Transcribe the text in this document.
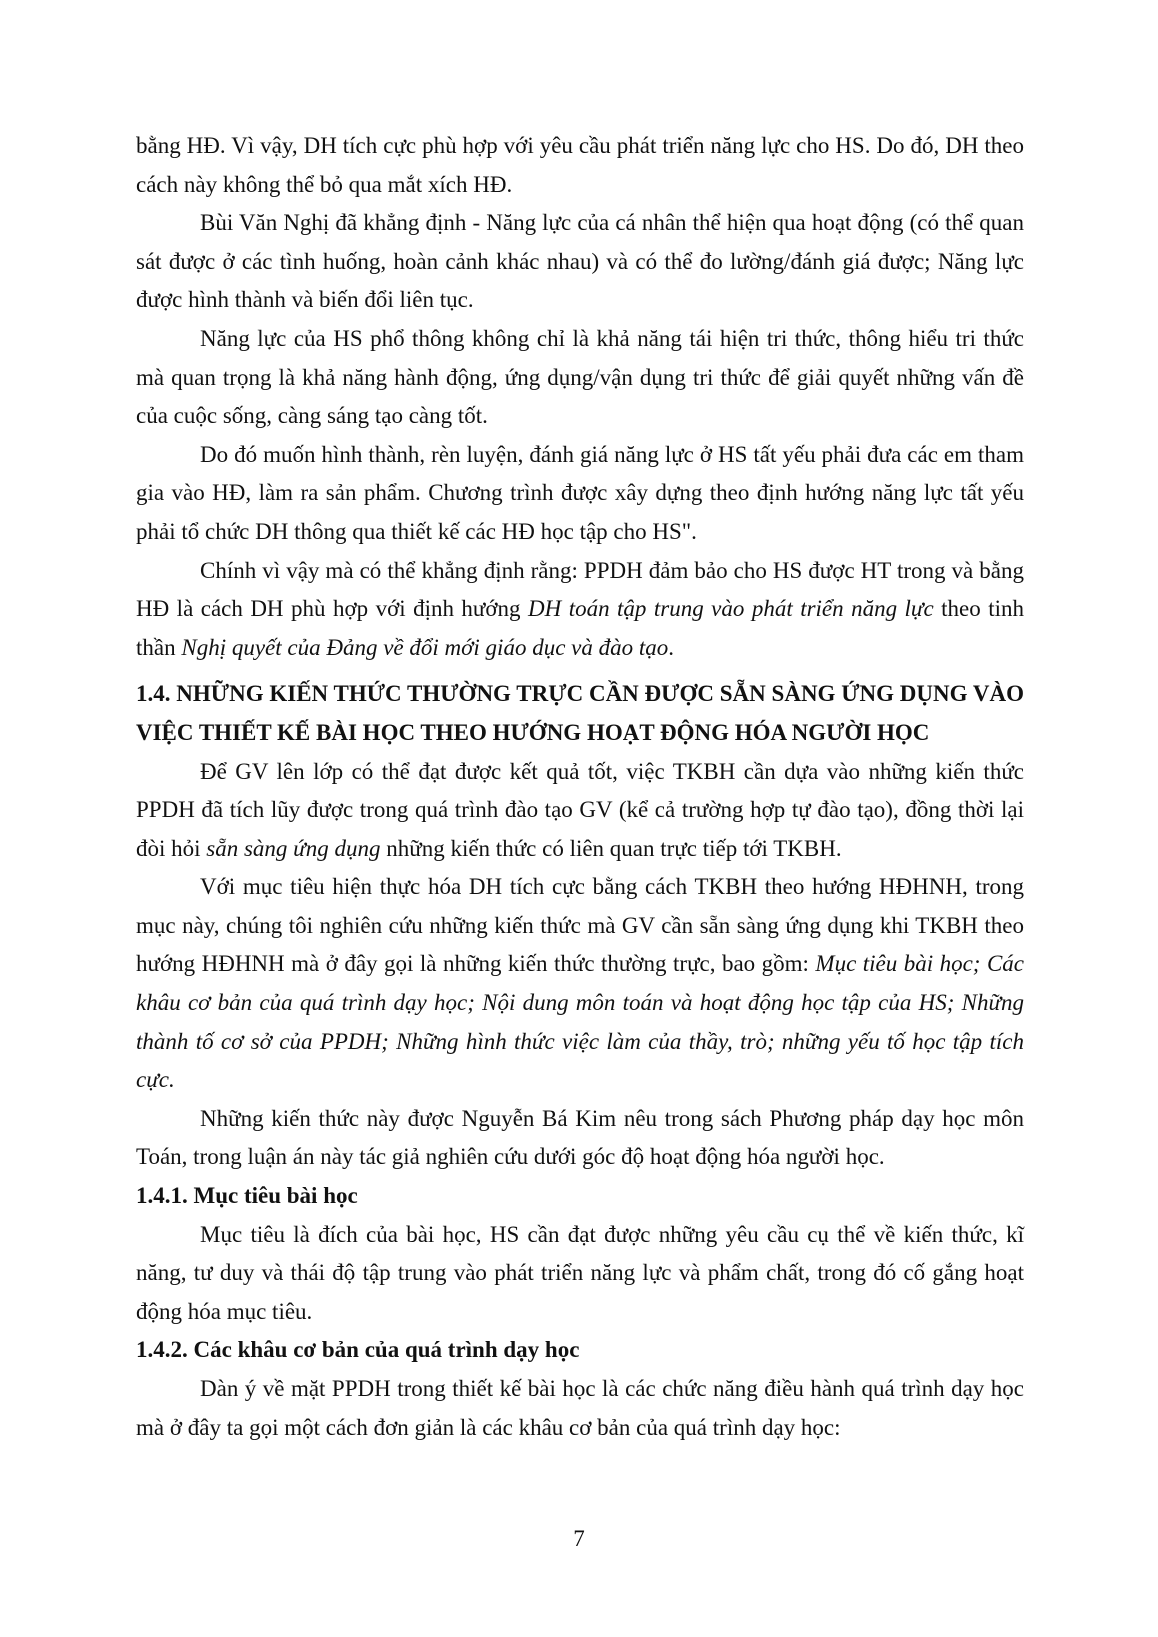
bằng HĐ. Vì vậy, DH tích cực phù hợp với yêu cầu phát triển năng lực cho HS. Do đó, DH theo cách này không thể bỏ qua mắt xích HĐ.

Bùi Văn Nghị đã khẳng định - Năng lực của cá nhân thể hiện qua hoạt động (có thể quan sát được ở các tình huống, hoàn cảnh khác nhau) và có thể đo lường/đánh giá được; Năng lực được hình thành và biến đổi liên tục.

Năng lực của HS phổ thông không chỉ là khả năng tái hiện tri thức, thông hiểu tri thức mà quan trọng là khả năng hành động, ứng dụng/vận dụng tri thức để giải quyết những vấn đề của cuộc sống, càng sáng tạo càng tốt.

Do đó muốn hình thành, rèn luyện, đánh giá năng lực ở HS tất yếu phải đưa các em tham gia vào HĐ, làm ra sản phẩm. Chương trình được xây dựng theo định hướng năng lực tất yếu phải tổ chức DH thông qua thiết kế các HĐ học tập cho HS".

Chính vì vậy mà có thể khẳng định rằng: PPDH đảm bảo cho HS được HT trong và bằng HĐ là cách DH phù hợp với định hướng DH toán tập trung vào phát triển năng lực theo tinh thần Nghị quyết của Đảng về đổi mới giáo dục và đào tạo.

1.4. NHỮNG KIẾN THỨC THƯỜNG TRỰC CẦN ĐƯỢC SẴN SÀNG ỨNG DỤNG VÀO VIỆC THIẾT KẾ BÀI HỌC THEO HƯỚNG HOẠT ĐỘNG HÓA NGƯỜI HỌC

Để GV lên lớp có thể đạt được kết quả tốt, việc TKBH cần dựa vào những kiến thức PPDH đã tích lũy được trong quá trình đào tạo GV (kể cả trường hợp tự đào tạo), đồng thời lại đòi hỏi sẵn sàng ứng dụng những kiến thức có liên quan trực tiếp tới TKBH.

Với mục tiêu hiện thực hóa DH tích cực bằng cách TKBH theo hướng HĐHNH, trong mục này, chúng tôi nghiên cứu những kiến thức mà GV cần sẵn sàng ứng dụng khi TKBH theo hướng HĐHNH mà ở đây gọi là những kiến thức thường trực, bao gồm: Mục tiêu bài học; Các khâu cơ bản của quá trình dạy học; Nội dung môn toán và hoạt động học tập của HS; Những thành tố cơ sở của PPDH; Những hình thức việc làm của thầy, trò; những yếu tố học tập tích cực.

Những kiến thức này được Nguyễn Bá Kim nêu trong sách Phương pháp dạy học môn Toán, trong luận án này tác giả nghiên cứu dưới góc độ hoạt động hóa người học.

1.4.1. Mục tiêu bài học

Mục tiêu là đích của bài học, HS cần đạt được những yêu cầu cụ thể về kiến thức, kĩ năng, tư duy và thái độ tập trung vào phát triển năng lực và phẩm chất, trong đó cố gắng hoạt động hóa mục tiêu.

1.4.2. Các khâu cơ bản của quá trình dạy học

Dàn ý về mặt PPDH trong thiết kế bài học là các chức năng điều hành quá trình dạy học mà ở đây ta gọi một cách đơn giản là các khâu cơ bản của quá trình dạy học:

7
